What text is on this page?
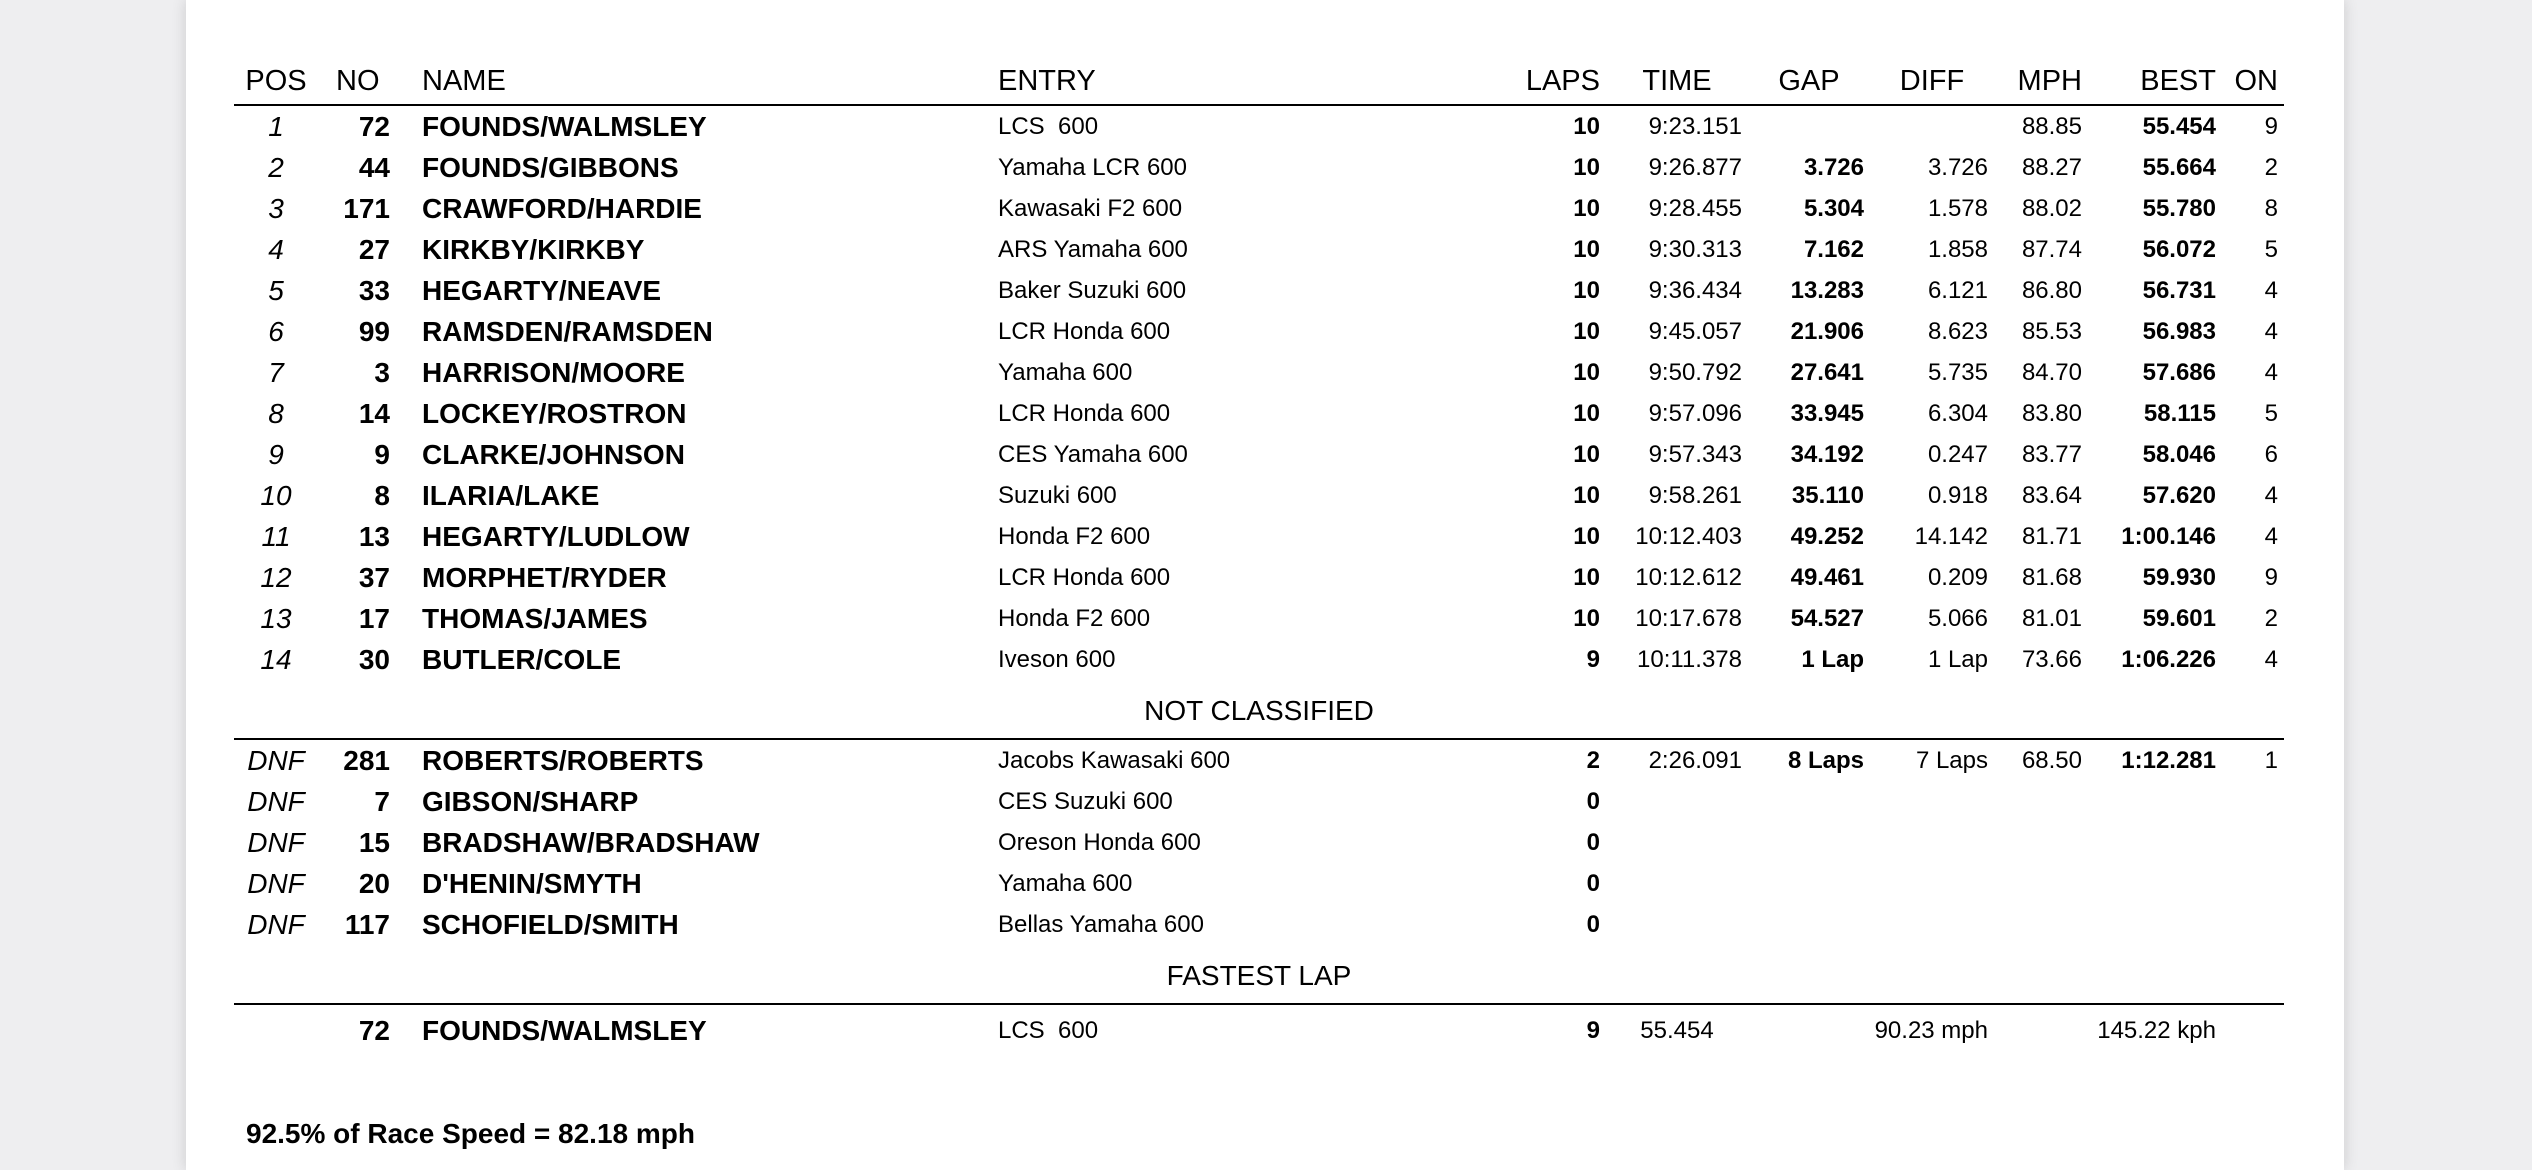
POS	NO	NAME	ENTRY	LAPS	TIME	GAP	DIFF	MPH	BEST	ON
1	72	FOUNDS/WALMSLEY	LCS  600	10	9:23.151			88.85	55.454	9
2	44	FOUNDS/GIBBONS	Yamaha LCR 600	10	9:26.877	3.726	3.726	88.27	55.664	2
3	171	CRAWFORD/HARDIE	Kawasaki F2 600	10	9:28.455	5.304	1.578	88.02	55.780	8
4	27	KIRKBY/KIRKBY	ARS Yamaha 600	10	9:30.313	7.162	1.858	87.74	56.072	5
5	33	HEGARTY/NEAVE	Baker Suzuki 600	10	9:36.434	13.283	6.121	86.80	56.731	4
6	99	RAMSDEN/RAMSDEN	LCR Honda 600	10	9:45.057	21.906	8.623	85.53	56.983	4
7	3	HARRISON/MOORE	Yamaha 600	10	9:50.792	27.641	5.735	84.70	57.686	4
8	14	LOCKEY/ROSTRON	LCR Honda 600	10	9:57.096	33.945	6.304	83.80	58.115	5
9	9	CLARKE/JOHNSON	CES Yamaha 600	10	9:57.343	34.192	0.247	83.77	58.046	6
10	8	ILARIA/LAKE	Suzuki 600	10	9:58.261	35.110	0.918	83.64	57.620	4
11	13	HEGARTY/LUDLOW	Honda F2 600	10	10:12.403	49.252	14.142	81.71	1:00.146	4
12	37	MORPHET/RYDER	LCR Honda 600	10	10:12.612	49.461	0.209	81.68	59.930	9
13	17	THOMAS/JAMES	Honda F2 600	10	10:17.678	54.527	5.066	81.01	59.601	2
14	30	BUTLER/COLE	Iveson 600	9	10:11.378	1 Lap	1 Lap	73.66	1:06.226	4
NOT CLASSIFIED										
DNF	281	ROBERTS/ROBERTS	Jacobs Kawasaki 600	2	2:26.091	8 Laps	7 Laps	68.50	1:12.281	1
DNF	7	GIBSON/SHARP	CES Suzuki 600	0						
DNF	15	BRADSHAW/BRADSHAW	Oreson Honda 600	0						
DNF	20	D'HENIN/SMYTH	Yamaha 600	0						
DNF	117	SCHOFIELD/SMITH	Bellas Yamaha 600	0						
FASTEST LAP										
	72	FOUNDS/WALMSLEY	LCS  600	9	55.454	90.23 mph		145.22 kph		
92.5% of Race Speed = 82.18 mph
